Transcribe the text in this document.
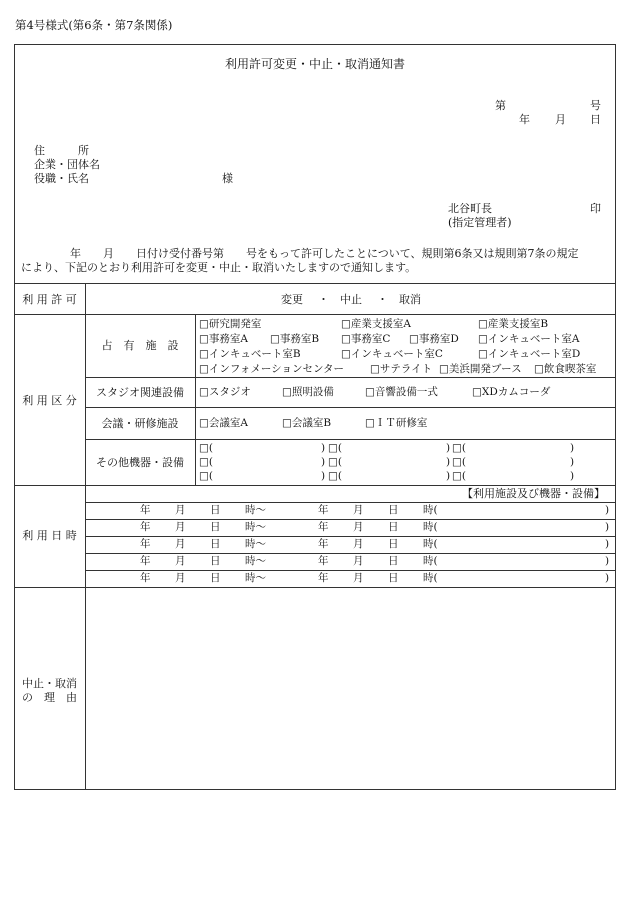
第4号様式(第6条・第7条関係)
利用許可変更・中止・取消通知書
第	号
年 月 日
住　　　所
企業・団体名
役職・氏名	様
北谷町長	印
(指定管理者)
年　　月　　日付け受付番号第　　号をもって許可したことについて、規則第6条又は規則第7条の規定
により、下記のとおり利用許可を変更・中止・取消いたしますので通知します。
利 用 許 可	変更 ・ 中止 ・ 取消
利 用 区 分
占　有　施　設
□ 研究開発室	□ 産業支援室A	□ 産業支援室B
□ 事務室A	□ 事務室B	□ 事務室C	□ 事務室D	□ インキュベート室A
□ インキュベート室B	□ インキュベート室C	□ インキュベート室D
□ インフォメーションセンター	□ サテライト	□ 美浜開発ブース	□ 飲食喫茶室
スタジオ関連設備	□ スタジオ	□ 照明設備	□ 音響設備一式	□ XDカムコーダ
会議・研修施設	□ 会議室A	□ 会議室B	□ ＩＴ研修室
その他機器・設備
□(	) □(	) □(	)
□(	) □(	) □(	)
□(	) □(	) □(	)
利 用 日 時
【利用施設及び機器・設備】
年 月 日 時～	年 月 日 時(	)
年 月 日 時～	年 月 日 時(	)
年 月 日 時～	年 月 日 時(	)
年 月 日 時～	年 月 日 時(	)
年 月 日 時～	年 月 日 時(	)
中止・取消
の　理　由
